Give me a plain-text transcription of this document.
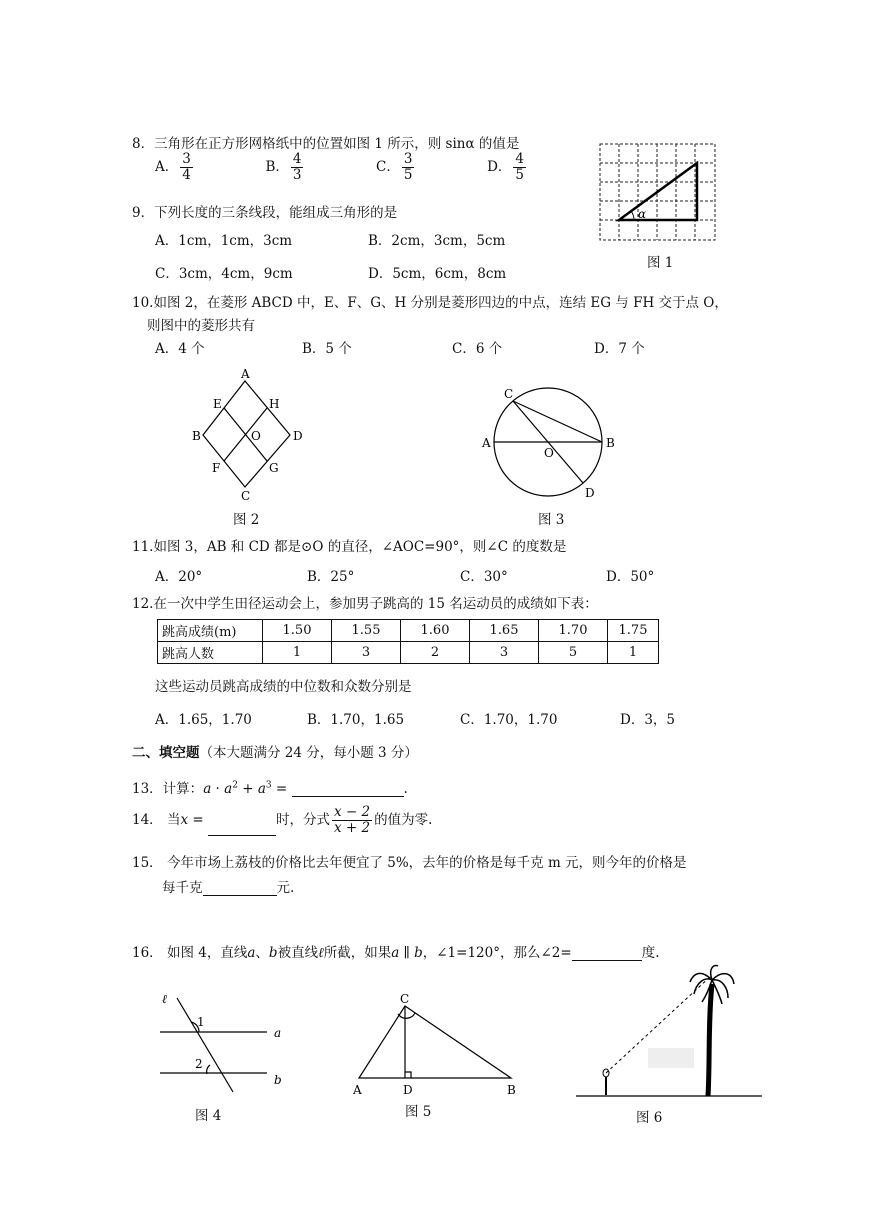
8．三角形在正方形网格纸中的位置如图 1 所示，则 sinα 的值是
A． $\frac{3}{4}$	B． $\frac{4}{3}$	C． $\frac{3}{5}$	D． $\frac{4}{5}$
α
图 1
9．下列长度的三条线段，能组成三角形的是
A．1cm，1cm，3cm	B．2cm，3cm，5cm
C．3cm，4cm，9cm	D．5cm，6cm，8cm
10.如图 2，在菱形 ABCD 中，E、F、G、H 分别是菱形四边的中点，连结 EG 与 FH 交于点 O，
则图中的菱形共有
A．4 个	B．5 个	C．6 个	D．7 个
A
B
C
D
E
F	G
H
O
图 2
C
A	B
O
D
图 3
11.如图 3，AB 和 CD 都是⊙O 的直径，∠AOC=90°，则∠C 的度数是
A．20°	B．25°	C．30°	D．50°
12.在一次中学生田径运动会上，参加男子跳高的 15 名运动员的成绩如下表：
跳高成绩(m)	1.50	1.55	1.60	1.65	1.70	1.75
跳高人数	1	3	2	3	5	1
这些运动员跳高成绩的中位数和众数分别是
A．1.65，1.70	B．1.70，1.65	C．1.70，1.70	D．3，5
二、填空题（本大题满分 24 分，每小题 3 分）
13．计算：$a \cdot a^2 + a^3$ =	.
14． 当x =	时，分式 $\frac{x - 2}{x + 2}$ 的值为零.
15． 今年市场上荔枝的价格比去年便宜了 5%，去年的价格是每千克 m 元，则今年的价格是
每千克	元.
16． 如图 4，直线a、b被直线ℓ所截，如果a ∥ b，∠1=120°，那么∠2=	度.
ℓ
1
2
a
b
图 4
C
A	D	B
图 5	图 6
